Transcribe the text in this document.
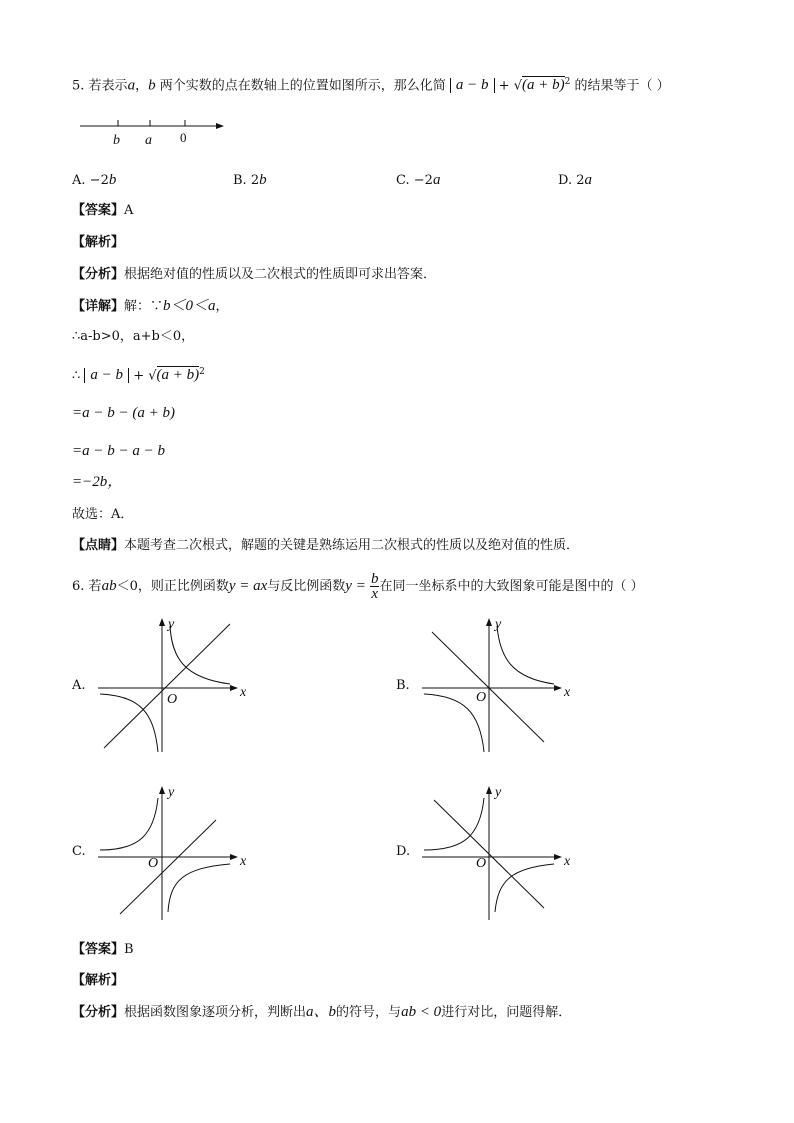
5. 若表示a，b 两个实数的点在数轴上的位置如图所示，那么化简 $a - b + √(a + b)^2$ 的结果等于（ ）
b a 0
A. −2b	B. 2b	C. −2a	D. 2a
【答案】A
【解析】
【分析】根据绝对值的性质以及二次根式的性质即可求出答案．
【详解】解：∵b＜0＜a，
∴a-b>0，a+b＜0，
∴ $a - b + √(a + b)^2$
=a − b − (a + b)
=a − b − a − b
=−2b，
故选：A．
【点睛】本题考查二次根式，解题的关键是熟练运用二次根式的性质以及绝对值的性质．
6. 若ab＜0，则正比例函数y = ax与反比例函数$y = \frac{b}{x}$ 在同一坐标系中的大致图象可能是图中的（ ）
A.	x
y
O
B.	x
y
O
C.
x
y
O
D.
x
y
O
【答案】B
【解析】
【分析】根据函数图象逐项分析，判断出a、b的符号，与ab < 0进行对比，问题得解．
